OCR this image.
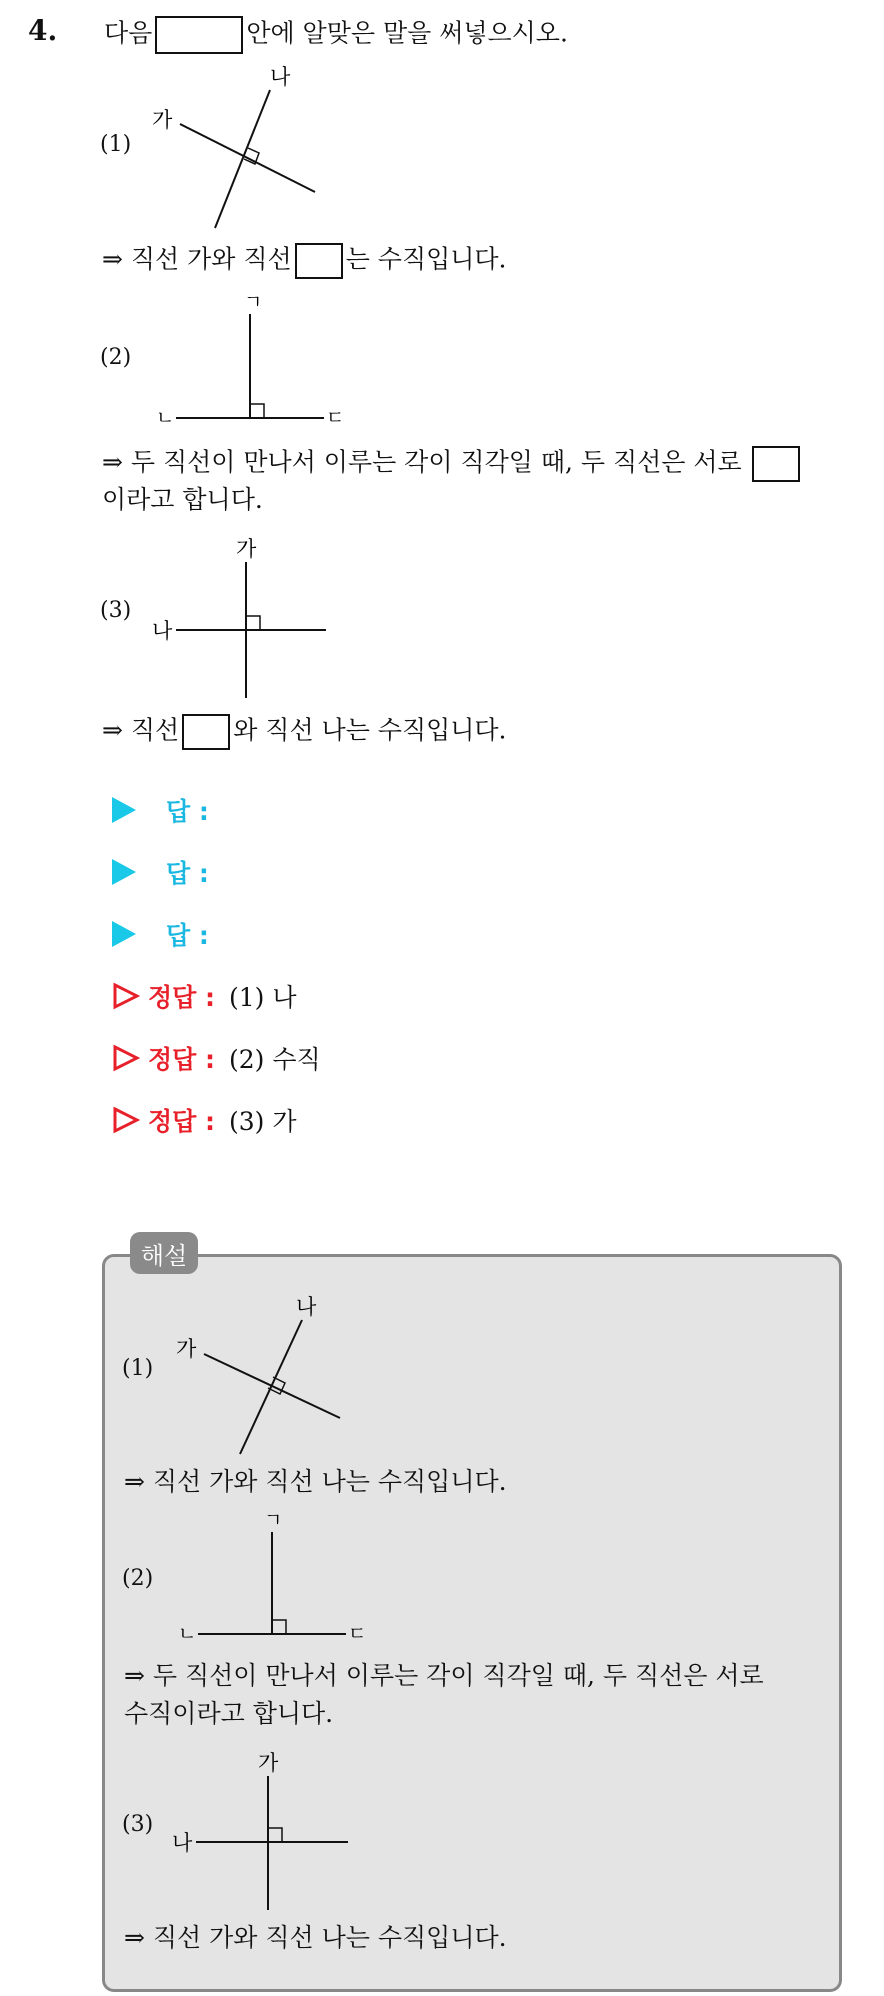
4. 다음	안에 알맞은 말을 써넣으시오.
(1)
가
나
⇒ 직선 가와 직선 는 수직입니다.
(2)
ㄱ
ㄴ	ㄷ
⇒ 두 직선이 만나서 이루는 각이 직각일 때, 두 직선은 서로
이라고 합니다.
(3)
가
나
⇒ 직선 와 직선 나는 수직입니다.
답 :
답 :
답 :
정답 : (1) 나
정답 : (2) 수직
정답 : (3) 가
해설
(1)
가
나
⇒ 직선 가와 직선 나는 수직입니다.
(2)
ㄱ
ㄴ	ㄷ
⇒ 두 직선이 만나서 이루는 각이 직각일 때, 두 직선은 서로
수직이라고 합니다.
(3)
가
나
⇒ 직선 가와 직선 나는 수직입니다.
